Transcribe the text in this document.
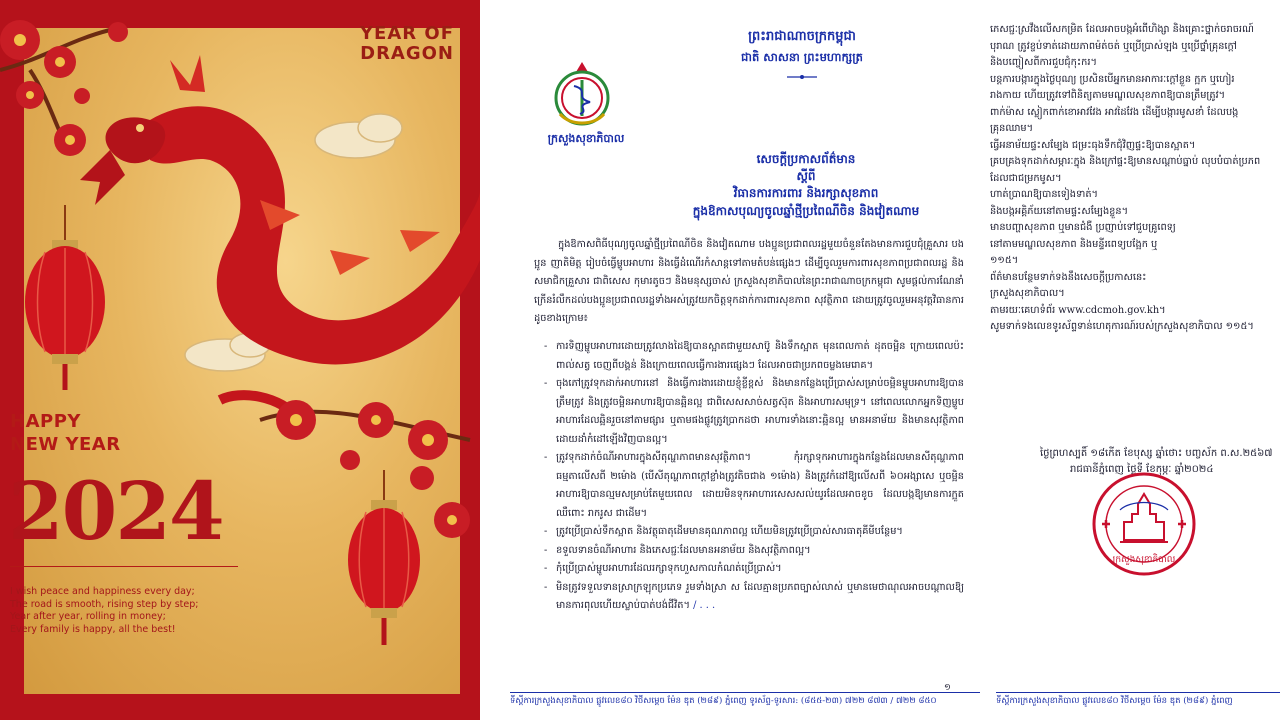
YEAR OF
DRAGON
HAPPY
NEW YEAR
2024
I wish peace and happiness every day;
The road is smooth, rising step by step;
Year after year, rolling in money;
Every family is happy, all the best!
ព្រះរាជាណាចក្រកម្ពុជា
ជាតិ សាសនា ព្រះមហាក្សត្រ
ក្រសួងសុខាភិបាល
សេចក្ដីប្រកាសព័ត៌មាន
ស្ដីពី
វិធានការការពារ និងរក្សាសុខភាព
ក្នុងឱកាសបុណ្យចូលឆ្នាំថ្មីប្រពៃណីចិន និងវៀតណាម
ក្នុងឱកាសពិធីបុណ្យចូលឆ្នាំថ្មីប្រពៃណីចិន និងវៀតណាម បងប្អូនប្រជាពលរដ្ឋមួយចំនួនតែងមានការជួបជុំគ្រួសារ បងប្អូន ញាតិមិត្ត រៀបចំធ្វើម្ហូបអាហារ និងធ្វើដំណើរកំសាន្តទៅតាមតំបន់ផ្សេងៗ ដើម្បីចូលរួមការពារសុខភាពប្រជាពលរដ្ឋ និងសមាជិកគ្រួសារ ជាពិសេស កុមារតូចៗ និងមនុស្សចាស់ ក្រសួងសុខាភិបាលនៃព្រះរាជាណាចក្រកម្ពុជា សូមផ្ដល់ការណែនាំ ក្រើនរំលឹកដល់បងប្អូនប្រជាពលរដ្ឋទាំងអស់ត្រូវយកចិត្តទុកដាក់ការពារសុខភាព សុវត្ថិភាព ដោយត្រូវចូលរួមអនុវត្តវិធានការដូចខាងក្រោម៖
- ការទិញម្ហូបអាហារដោយត្រូវលាងដៃឱ្យបានស្អាតជាមួយសាប៊ូ និងទឹកស្អាត មុនពេលកាត់ ដុតចម្អិន ក្រោយពេលប៉ះពាល់សត្វ ចេញពីបង្គន់ និងក្រោយពេលធ្វើការងារផ្សេងៗ ដែលអាចជាប្រភពចម្លងមេរោគ។
- ចុងភៅត្រូវទុកដាក់អាហារនៅ និងធ្វើការងារដោយខ្ញុំខ្លីខ្ពស់ និងមានកន្លែងប្រើប្រាស់សម្រាប់ចម្អិនម្ហូបអាហារឱ្យបានត្រឹមត្រូវ និងត្រូវចម្អិនអាហារឱ្យបានឆ្អិនល្អ ជាពិសេសសាច់សត្វស៊ុត និងអាហារសមុទ្រ។ នៅពេលលោកអ្នកទិញម្ហូបអាហារដែលឆ្អិនរួចនៅតាមផ្សារ ឬតាមផងផ្លូវត្រូវប្រាកដថា អាហារទាំងនោះឆ្អិនល្អ មានអនាម័យ និងមានសុវត្ថិភាព ដោយដាំកំដៅឡើងវិញបានល្អ។
- ត្រូវទុកដាក់ចំណីអាហារក្នុងសីតុណ្ហភាពមានសុវត្ថិភាព។ កុំរក្សាទុកអាហារក្នុងកន្លែងដែលមានសីតុណ្ហភាពធម្មតាលើសពី ២ម៉ោង (បើសីតុណ្ហភាពក្ដៅខ្លាំងត្រូវតិចជាង ១ម៉ោង) និងត្រូវកំដៅឱ្យលើសពី ៦០អង្សាសេ ឬចម្អិនអាហារឱ្យបានល្មមសម្រាប់តែមួយពេល ដោយមិនទុកអាហារសេសសល់យូរដែលអាចខូច ដែលបង្កឱ្យមានការក្អួត ឈឺពោះ រាករូស ជាដើម។
- ត្រូវប្រើប្រាស់ទឹកស្អាត និងវត្ថុធាតុដើមមានគុណភាពល្អ ហើយមិនត្រូវប្រើប្រាស់សារធាតុគីមីបន្ថែម។
- ខទួលទានចំណីអាហារ និងភេសជ្ជៈដែលមានអនាម័យ និងសុវត្ថិភាពល្អ។
- កុំប្រើប្រាស់ម្ហូបអាហារដែលរក្សាទុកហួសកាលកំណត់ប្រើប្រាស់។
- មិនត្រូវទទួលទានស្រាក្រឡុកប្រភេទ រួមទាំងស្រា ស ដែលគ្មានប្រភពច្បាស់លាស់ ឬមានមេថាណុលអាចបណ្ដាលឱ្យមានការពុលហើយស្លាប់បាត់បង់ជីវិត។ / . . .
១
ទីស្ដីការក្រសួងសុខាភិបាល ផ្លូវលេខ៨០ វិថីសម្ដេច ម៉ែន ឌុត (២៨៩) ភ្នំពេញ ទូរស័ព្ទ-ទូរសារ: (៨៥៥-២៣) ៧២២ ៨៧៣ / ៧២២ ៨៥០
ភេសជ្ជៈស្រវឹងលើសកម្រិត ដែលអាចបង្កអំពើហិង្សា និងគ្រោះថ្នាក់ចរាចរណ៍
បុរាណ ត្រូវខ្ចប់ទាត់ដោយភាពម៉ត់ចត់ ឬប្រើប្រាស់ឡង ឬប្រើថ្នាំគ្រុនក្ដៅ
និងបញ្ចៀសពីការជួបជុំកុះករ។
បន្តការបង្ការក្នុងថ្ងៃបុណ្យ ប្រសិនបើអ្នកមានអាការៈក្ដៅខ្លួន ក្អក ឬហៀរ
រាងកាយ ហើយត្រូវទៅពិនិត្យតាមមណ្ឌលសុខភាពឱ្យបានត្រឹមត្រូវ។
ពាក់ម៉ាស ស្លៀកពាក់ខោអាវវែង អាវដៃវែង ដើម្បីបង្ការមូសខាំ ដែលបង្ក
គ្រុនឈាម។
ធ្វើអនាម័យផ្ទះសម្បែង ជម្រះធុងទឹកជុំវិញផ្ទះឱ្យបានស្អាត។
គ្របគ្រងទុកដាក់សម្ភារៈក្នុង និងក្រៅផ្ទះឱ្យមានសណ្ដាប់ធ្នាប់ លុបបំបាត់ប្រភព
ដែលជាជម្រកមូស។
ហាត់ប្រាណឱ្យបានទៀងទាត់។
និងបង្កអគ្គិភ័យនៅតាមផ្ទះសម្បែងខ្លួន។
មានបញ្ហាសុខភាព ឬមានជំងឺ ប្រញាប់ទៅជួបគ្រូពេទ្យ
នៅតាមមណ្ឌលសុខភាព និងមន្ទីរពេទ្យបង្អែក ឬ
១១៥។
ព័ត៌មានបន្ថែមទាក់ទងនឹងសេចក្ដីប្រកាសនេះ
ក្រសួងសុខាភិបាល។
តាមរយៈគេហទំព័រ www.cdcmoh.gov.kh។
សូមទាក់ទងលេខទូរស័ព្ទទាន់ហេតុការណ៍របស់ក្រសួងសុខាភិបាល ១១៥។
ថ្ងៃព្រហស្បតិ៍ ១៨កើត ខែបុស្ស ឆ្នាំថោះ បញ្ចស័ក ព.ស.២៥៦៧
រាជធានីភ្នំពេញ ថ្ងៃទី ខែកុម្ភៈ ឆ្នាំ២០២៤
ក្រសួងសុខាភិបាល
ទីស្ដីការក្រសួងសុខាភិបាល ផ្លូវលេខ៨០ វិថីសម្ដេច ម៉ែន ឌុត (២៨៩) ភ្នំពេញ
